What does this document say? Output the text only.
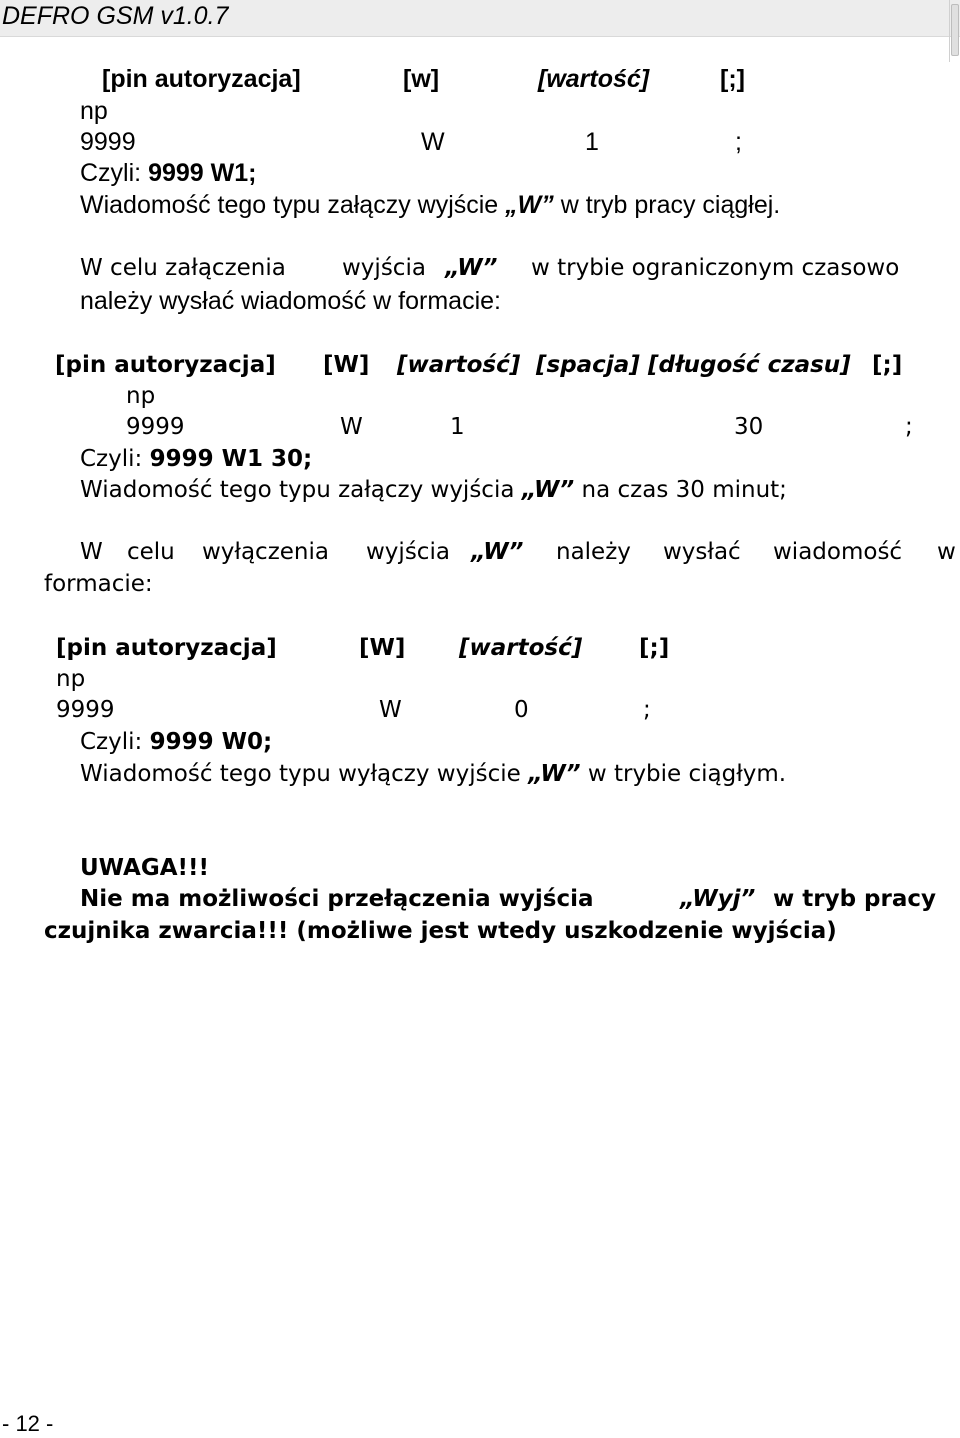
DEFRO GSM v1.0.7
[pin autoryzacja]	[w]	[wartość]	[;]
np
9999	W	1	;
Czyli: 9999 W1;
Wiadomość tego typu załączy wyjście „W” w tryb pracy ciągłej.
W celu załączenia wyjścia „W” w trybie ograniczonym czasowo
należy wysłać wiadomość w formacie:
[pin autoryzacja] [W] [wartość] [spacja] [długość czasu] [;]
np
9999	W	1	30	;
Czyli: 9999 W1 30;
Wiadomość tego typu załączy wyjścia „W” na czas 30 minut;
W celu wyłączenia wyjścia „W” należy wysłać wiadomość w
formacie:
[pin autoryzacja]	[W] [wartość] [;]
np
9999	W	0	;
Czyli: 9999 W0;
Wiadomość tego typu wyłączy wyjście „W” w trybie ciągłym.
UWAGA!!!
Nie ma możliwości przełączenia wyjścia	„Wyj” w tryb pracy
czujnika zwarcia!!! (możliwe jest wtedy uszkodzenie wyjścia)
- 12 -
